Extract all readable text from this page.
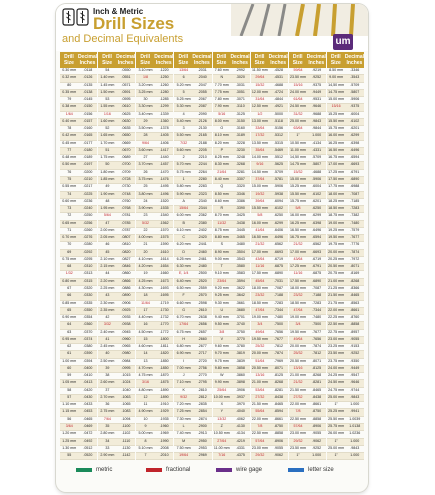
Inch & Metric
Drill Sizes
and Decimal Equivalents	um
Drill Size
Decimal Inches
0.30 mm	.0118
0.32 mm	.0126
80	.0135
0.35 mm	.0138
79	.0145
0.38 mm	.0150
1/64	.0156
0.40 mm	.0157
78	.0160
0.42 mm	.0165
0.45 mm	.0177
77	.0180
0.48 mm	.0189
0.50 mm	.0197
76	.0200
75	.0210
0.55 mm	.0217
74	.0225
0.60 mm	.0236
73	.0240
72	.0250
0.65 mm	.0256
71	.0260
0.70 mm	.0276
70	.0280
69	.0292
0.75 mm	.0295
68	.0310
1/32	.0313
0.80 mm	.0315
67	.0320
66	.0330
0.85 mm	.0335
65	.0350
0.90 mm	.0354
64	.0360
63	.0370
0.95 mm	.0374
62	.0380
61	.0390
1.00 mm	.0394
60	.0400
59	.0410
1.05 mm	.0413
58	.0420
57	.0430
1.10 mm	.0433
1.15 mm	.0453
56	.0465
3/64	.0469
1.20 mm	.0472
1.25 mm	.0492
1.30 mm	.0512
55	.0520
Drill Size
Decimal Inches
54	.0550
1.40 mm	.0551
1.45 mm	.0571
1.50 mm	.0591
53	.0595
1.55 mm	.0610
1/16	.0625
1.60 mm	.0630
52	.0635
1.65 mm	.0650
1.70 mm	.0669
51	.0670
1.75 mm	.0689
50	.0700
1.80 mm	.0709
1.85 mm	.0728
49	.0730
1.90 mm	.0748
48	.0760
1.95 mm	.0768
5/64	.0781
47	.0785
2.00 mm	.0787
2.05 mm	.0807
46	.0810
45	.0820
2.10 mm	.0827
2.15 mm	.0846
44	.0860
2.20 mm	.0866
2.25 mm	.0886
43	.0890
2.30 mm	.0906
2.35 mm	.0925
42	.0935
3/32	.0938
2.40 mm	.0945
41	.0960
2.45 mm	.0965
40	.0980
2.50 mm	.0984
39	.0995
38	.1015
2.60 mm	.1024
37	.1040
2.70 mm	.1063
36	.1065
2.75 mm	.1083
7/64	.1094
35	.1100
2.80 mm	.1102
34	.1110
33	.1130
2.90 mm	.1142
Drill Size
Decimal Inches
3.10 mm	.1220
1/8	.1250
3.20 mm	.1260
3.25 mm	.1280
30	.1285
3.30 mm	.1299
3.40 mm	.1339
29	.1360
3.50 mm	.1378
28	.1405
9/64	.1406
3.60 mm	.1417
27	.1440
3.70 mm	.1457
26	.1470
3.75 mm	.1476
25	.1495
3.80 mm	.1496
24	.1520
3.90 mm	.1535
23	.1540
5/32	.1562
22	.1570
4.00 mm	.1575
21	.1590
20	.1610
4.10 mm	.1614
4.20 mm	.1654
19	.1660
4.25 mm	.1673
4.30 mm	.1693
18	.1695
11/64	.1719
17	.1730
4.40 mm	.1732
16	.1770
4.50 mm	.1772
15	.1800
4.60 mm	.1811
14	.1820
13	.1850
4.70 mm	.1850
4.75 mm	.1870
3/16	.1875
4.80 mm	.1890
12	.1890
11	.1910
4.90 mm	.1929
10	.1935
9	.1960
5.00 mm	.1969
8	.1990
5.10 mm	.2008
7	.2010
Drill Size
Decimal Inches
13/64	.2031
6	.2040
5.20 mm	.2047
5	.2055
5.25 mm	.2067
5.30 mm	.2087
4	.2090
5.40 mm	.2126
3	.2130
5.50 mm	.2165
7/32	.2188
5.60 mm	.2205
2	.2210
5.70 mm	.2244
5.75 mm	.2264
1	.2280
5.80 mm	.2283
5.90 mm	.2323
A	.2340
15/64	.2344
6.00 mm	.2362
B	.2380
6.10 mm	.2402
C	.2420
6.20 mm	.2441
D	.2460
6.25 mm	.2461
6.30 mm	.2480
E, 1/4	.2500
6.40 mm	.2520
6.50 mm	.2559
F	.2570
6.60 mm	.2598
G	.2610
6.70 mm	.2638
17/64	.2656
6.75 mm	.2657
H	.2660
6.80 mm	.2677
6.90 mm	.2717
I	.2720
7.00 mm	.2756
J	.2770
7.10 mm	.2795
K	.2810
9/32	.2812
7.20 mm	.2835
7.25 mm	.2854
7.30 mm	.2874
L	.2900
7.40 mm	.2913
M	.2950
7.50 mm	.2953
19/64	.2969
Drill Size
Decimal Inches
7.60 mm	.2992
N	.3020
7.70 mm	.3031
7.75 mm	.3051
7.80 mm	.3071
7.90 mm	.3110
5/16	.3125
8.00 mm	.3150
O	.3160
8.10 mm	.3189
8.20 mm	.3228
P	.3230
8.25 mm	.3248
8.30 mm	.3268
21/64	.3281
8.40 mm	.3307
Q	.3320
8.50 mm	.3346
8.60 mm	.3386
R	.3390
8.70 mm	.3425
11/32	.3438
8.75 mm	.3445
8.80 mm	.3465
S	.3480
8.90 mm	.3504
9.00 mm	.3543
T	.3580
9.10 mm	.3583
23/64	.3594
9.20 mm	.3622
9.25 mm	.3642
9.30 mm	.3661
U	.3680
9.40 mm	.3701
9.50 mm	.3740
3/8	.3750
V	.3770
9.60 mm	.3780
9.70 mm	.3819
9.75 mm	.3839
9.80 mm	.3858
W	.3860
9.90 mm	.3898
25/64	.3906
10.00 mm	.3937
X	.3970
Y	.4040
13/32	.4062
Z	.4130
10.50 mm	.4134
27/64	.4219
11.00 mm	.4331
7/16	.4375
Drill Size
Decimal Inches
11.50 mm	.4528
29/64	.4531
15/32	.4688
12.00 mm	.4724
31/64	.4844
12.50 mm	.4921
1/2	.5000
13.00 mm	.5118
33/64	.5156
17/32	.5312
13.50 mm	.5315
35/64	.5469
14.00 mm	.5512
9/16	.5625
14.50 mm	.5709
37/64	.5781
15.00 mm	.5906
19/32	.5938
39/64	.6094
15.50 mm	.6102
5/8	.6250
16.00 mm	.6299
41/64	.6406
16.50 mm	.6496
21/32	.6562
17.00 mm	.6693
43/64	.6719
11/16	.6875
17.50 mm	.6890
45/64	.7031
18.00 mm	.7087
23/32	.7188
18.50 mm	.7283
47/64	.7344
19.00 mm	.7480
3/4	.7500
49/64	.7656
19.50 mm	.7677
25/32	.7812
20.00 mm	.7874
51/64	.7969
20.50 mm	.8071
13/16	.8125
21.00 mm	.8268
53/64	.8281
27/32	.8438
21.50 mm	.8465
55/64	.8594
22.00 mm	.8661
7/8	.8750
22.50 mm	.8858
57/64	.8906
23.00 mm	.9055
29/32	.9062
Drill Size
Decimal Inches
59/64	.9219
23.50 mm	.9252
15/16	.9375
24.00 mm	.9449
61/64	.9531
24.50 mm	.9646
31/32	.9688
25.00 mm	.9843
63/64	.9844
1"	1.000
10.50 mm	.4134
11.00 mm	.4331
14,50 mm	.5709
14.75 mm	.5807
15/32	.4688
15.00 mm	.5906
15.25 mm	.6004
15.50 mm	.6102
15.75 mm	.6201
5/8	.6250
16.00 mm	.6299
16.25 mm	.6398
16.50 mm	.6496
16.75 mm	.6594
21/32	.6562
17.00 mm	.6693
43/64	.6719
17.25 mm	.6791
11/16	.6875
17.50 mm	.6890
18.00 mm	.7087
23/32	.7188
18.50 mm	.7283
47/64	.7344
19.00 mm	.7480
3/4	.7500
19.50 mm	.7677
49/64	.7656
20.00 mm	.7874
25/32	.7812
20.50 mm	.8071
13/16	.8125
21.00 mm	.8268
21/32	.8281
21.50 mm	.8465
27/32	.8438
22.00 mm	.8661
7/8	.8750
22.50 mm	.8858
57/64	.8906
23.00 mm	.9055
29/32	.9062
23.50 mm	.9252
1"	1.000
Drill Size
Decimal Inches
8.50 mm	.3346
9.00 mm	.3543
14,50 mm	.5709
14.75 mm	.5807
15.00 mm	.5906
15/16	.9375
15.25 mm	.6004
15.50 mm	.6102
15.75 mm	.6201
16.00 mm	.6299
16.25 mm	.6398
16.50 mm	.6496
16.75 mm	.6594
17.00 mm	.6693
17.25 mm	.6791
17.50 mm	.6890
17.75 mm	.6988
18.00 mm	.7087
18.25 mm	.7185
18.50 mm	.7283
18.75 mm	.7382
19.00 mm	.7480
19.25 mm	.7579
19.50 mm	.7677
19.75 mm	.7776
20.00 mm	.7874
20.25 mm	.7972
20.50 mm	.8071
20.75 mm	.8169
21.00 mm	.8268
21.25 mm	.8366
21.50 mm	.8465
21.75 mm	.8563
22.00 mm	.8661
22.25 mm	.8760
22.50 mm	.8858
22.75 mm	.8957
23.00 mm	.9055
23.25 mm	.9153
23.50 mm	.9252
23.75 mm	.9350
24.00 mm	.9449
24.25 mm	.9547
24.50 mm	.9646
24.75 mm	.9744
25.00 mm	.9843
1"	1.000
25.25 mm	.9941
25.50 mm	1.0039
25.75 mm	1.0138
26.00 mm	1.0236
1"	1.000
25.00 mm	.9843
1"	1.000
metric	fractional	wire gage	letter size
